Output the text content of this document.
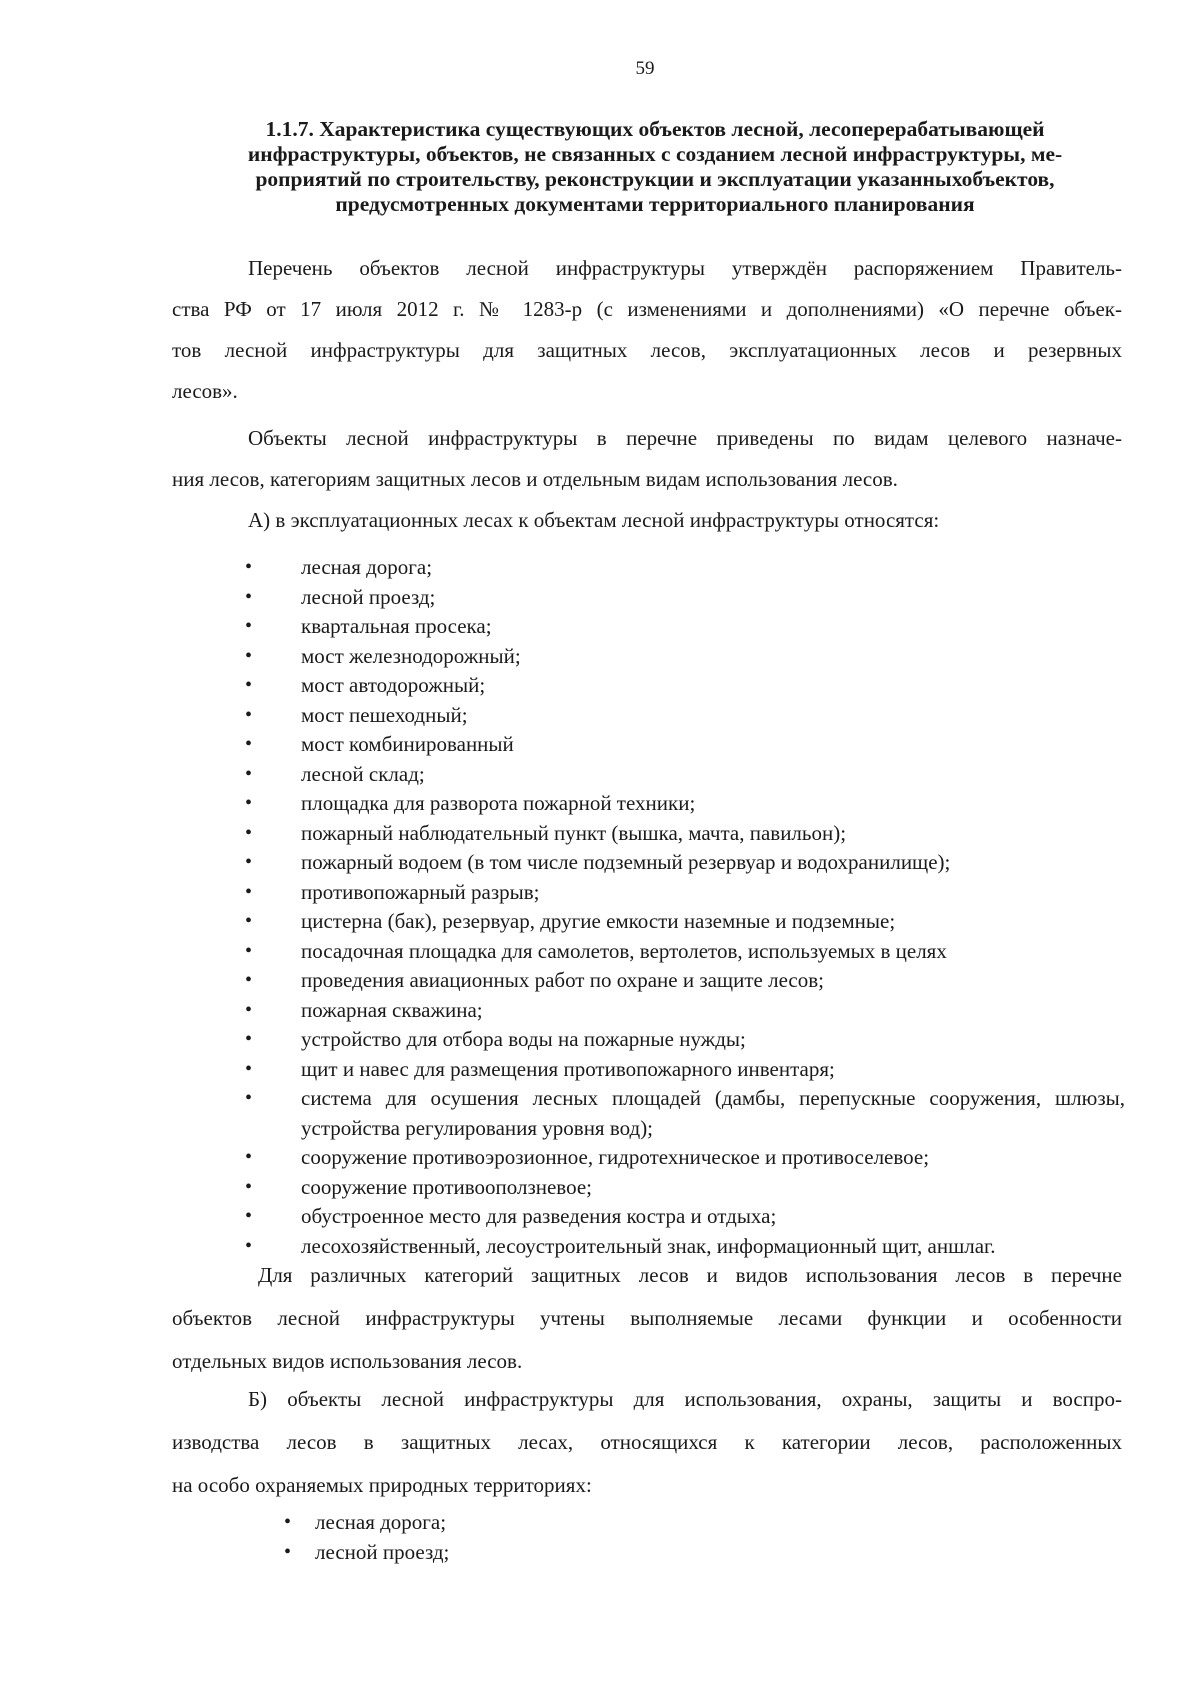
59
1.1.7. Характеристика существующих объектов лесной, лесоперерабатывающей
инфраструктуры, объектов, не связанных с созданием лесной инфраструктуры, ме-
роприятий по строительству, реконструкции и эксплуатации указанныхобъектов,
предусмотренных документами территориального планирования
Перечень объектов лесной инфраструктуры утверждён распоряжением Правитель-
ства РФ от 17 июля 2012 г. № 1283-р (с изменениями и дополнениями) «О перечне объек-
тов лесной инфраструктуры для защитных лесов, эксплуатационных лесов и резервных
лесов».
Объекты лесной инфраструктуры в перечне приведены по видам целевого назначе-
ния лесов, категориям защитных лесов и отдельным видам использования лесов.
А) в эксплуатационных лесах к объектам лесной инфраструктуры относятся:
• лесная дорога;
• лесной проезд;
• квартальная просека;
• мост железнодорожный;
• мост автодорожный;
• мост пешеходный;
• мост комбинированный
• лесной склад;
• площадка для разворота пожарной техники;
• пожарный наблюдательный пункт (вышка, мачта, павильон);
• пожарный водоем (в том числе подземный резервуар и водохранилище);
• противопожарный разрыв;
• цистерна (бак), резервуар, другие емкости наземные и подземные;
• посадочная площадка для самолетов, вертолетов, используемых в целях
• проведения авиационных работ по охране и защите лесов;
• пожарная скважина;
• устройство для отбора воды на пожарные нужды;
• щит и навес для размещения противопожарного инвентаря;
• система для осушения лесных площадей (дамбы, перепускные сооружения, шлюзы, устройства регулирования уровня вод);
• сооружение противоэрозионное, гидротехническое и противоселевое;
• сооружение противооползневое;
• обустроенное место для разведения костра и отдыха;
• лесохозяйственный, лесоустроительный знак, информационный щит, аншлаг.
Для различных категорий защитных лесов и видов использования лесов в перечне
объектов лесной инфраструктуры учтены выполняемые лесами функции и особенности
отдельных видов использования лесов.
Б) объекты лесной инфраструктуры для использования, охраны, защиты и воспро-
изводства лесов в защитных лесах, относящихся к категории лесов, расположенных
на особо охраняемых природных территориях:
• лесная дорога;
• лесной проезд;
